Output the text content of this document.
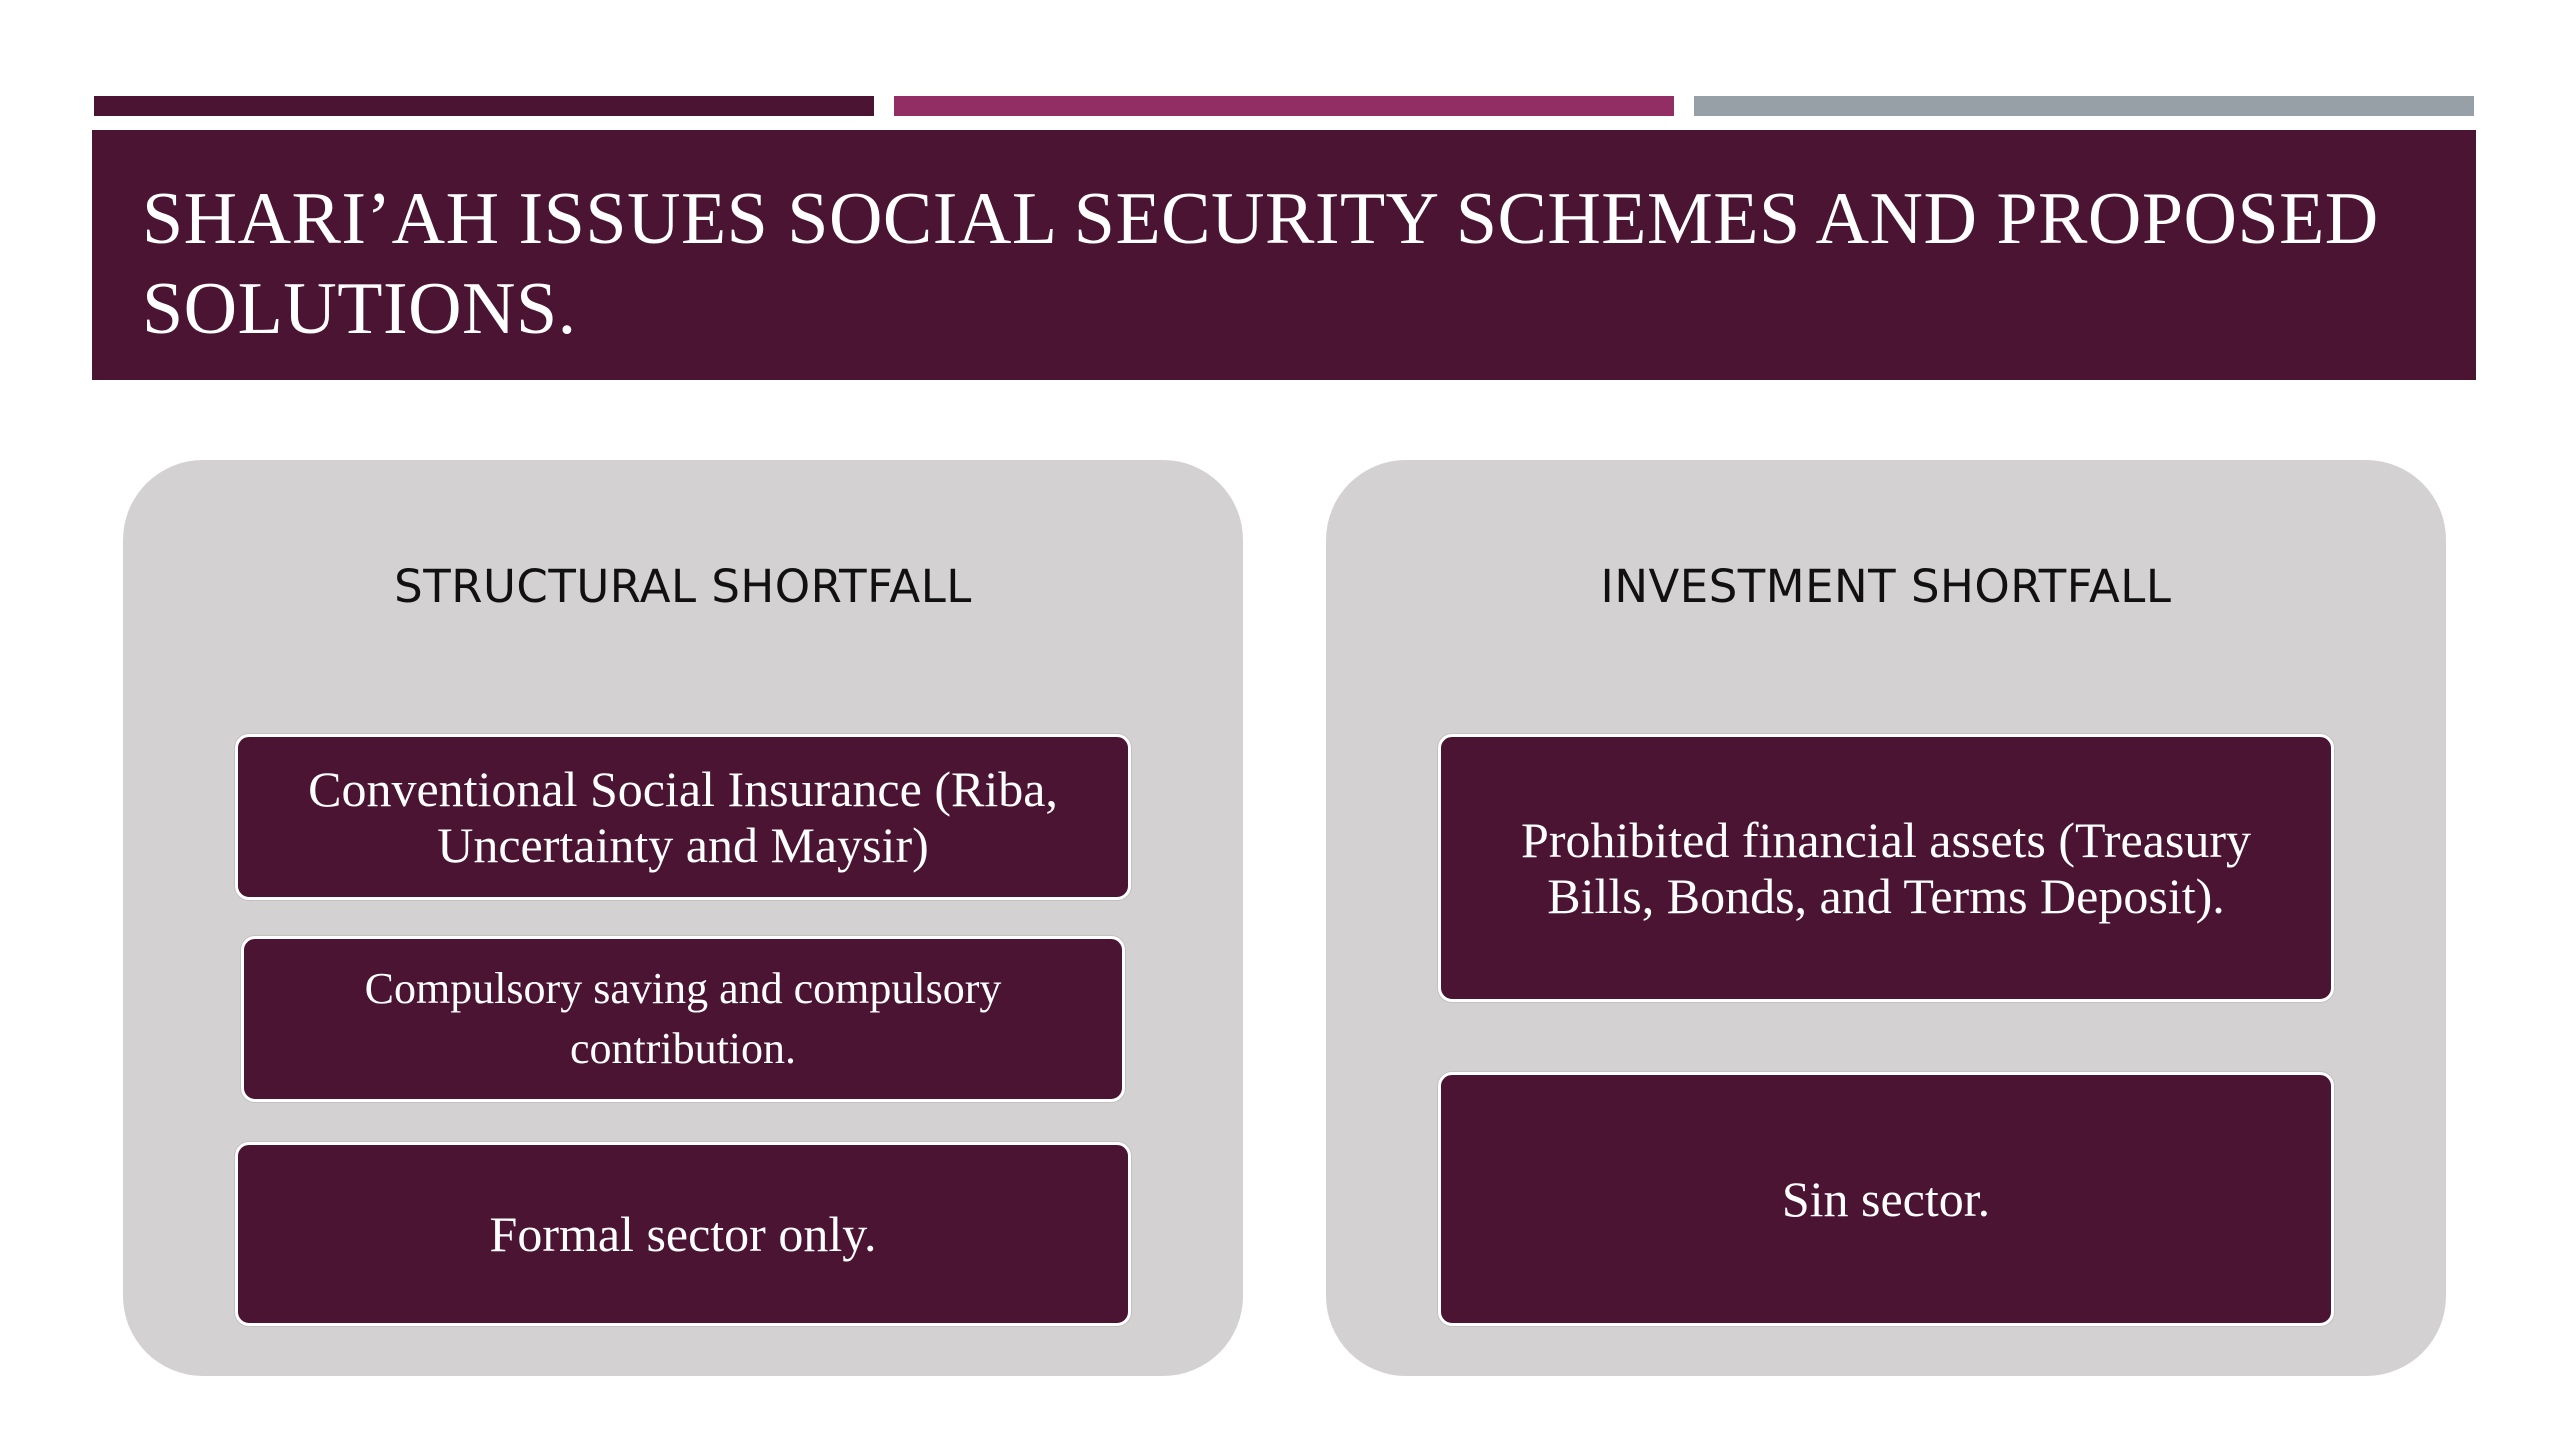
SHARI’AH ISSUES SOCIAL SECURITY SCHEMES AND PROPOSED SOLUTIONS.
STRUCTURAL SHORTFALL
Conventional Social Insurance (Riba, Uncertainty and Maysir)
Compulsory saving and compulsory contribution.
Formal sector only.
INVESTMENT SHORTFALL
Prohibited financial assets (Treasury Bills, Bonds, and Terms Deposit).
Sin sector.
